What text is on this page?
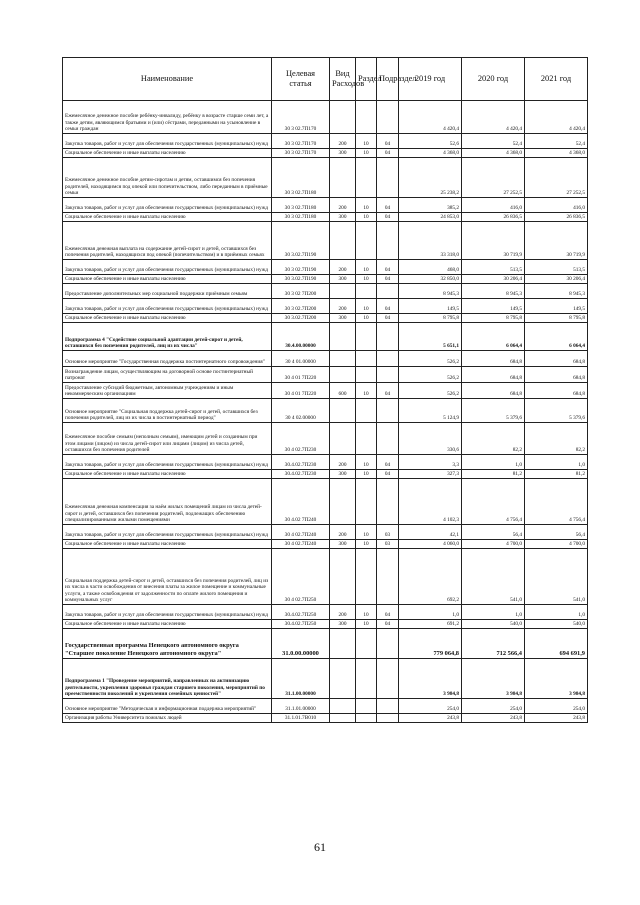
Наименование	Целевая статья	Вид Расходов	Раздел	Подраздел	2019 год	2020 год	2021 год
Ежемесячное денежное пособие ребёнку-инвалиду, ребёнку в возрасте старше семи лет, а также детям, являющимся братьями и (или) сёстрами, переданными на усыновление в семьи граждан	30 3 02.7П170				4 420,4	4 420,4	4 420,4
Закупка товаров, работ и услуг для обеспечения государственных (муниципальных) нужд	30 3 02.7П170	200	10	04	52,6	52,4	52,4
Социальное обеспечение и иные выплаты населению	30 3 02.7П170	300	10	04	4 368,0	4 368,0	4 368,0
Ежемесячное денежное пособие детям-сиротам и детям, оставшимся без попечения родителей, находящимся под опекой или попечительством, либо переданным в приёмные семьи	30 3 02.7П180				25 238,2	27 252,5	27 252,5
Закупка товаров, работ и услуг для обеспечения государственных (муниципальных) нужд	30 3 02.7П180	200	10	04	385,2	416,0	416,0
Социальное обеспечение и иные выплаты населению	30 3 02.7П180	300	10	04	24 853,0	26 836,5	26 836,5
Ежемесячная денежная выплата на содержание детей-сирот и детей, оставшихся без попечения родителей, находящихся под опекой (попечительством) и в приёмных семьях	30 3.02.7П190				33 318,0	30 719,9	30 719,9
Закупка товаров, работ и услуг для обеспечения государственных (муниципальных) нужд	30 3 02.7П190	200	10	04	468,0	513,5	513,5
Социальное обеспечение и иные выплаты населению	30 3.02.7П190	300	10	04	32 850,0	30 206,4	30 206,4
Предоставление дополнительных мер социальной поддержки приёмным семьям	30 3 02 7П200				8 945,3	8 945,3	8 945,3
Закупка товаров, работ и услуг для обеспечения государственных (муниципальных) нужд	30 3 02.7П200	200	10	04	149,5	149,5	149,5
Социальное обеспечение и иные выплаты населению	30 3.02.7П200	300	10	04	8 795,8	8 795,8	8 795,8
Подпрограмма 4 "Содействие социальной адаптации детей-сирот и детей, оставшихся без попечения родителей, лиц из их числа"	30.4.00.00000				5 651,1	6 064,4	6 064,4
Основное мероприятие "Государственная поддержка постинтернатного сопровождения"	30 4 01.00000				526,2	684,8	684,8
Вознаграждение лицам, осуществляющим на договорной основе постинтернатный патронат	30 4 01 7П220				526,2	684,8	684,8
Предоставление субсидий бюджетным, автономным учреждениям и иным некоммерческим организациям	30 4 01 7П220	600	10	04	526,2	684,8	684,8
Основное мероприятие "Социальная поддержка детей-сирот и детей, оставшихся без попечения родителей, лиц из их числа в постинтернатный период"	30 4 02.00000				5 124,9	5 379,6	5 379,6
Ежемесячное пособие семьям (неполным семьям), имеющим детей и созданным при этом лицами (лицом) из числа детей-сирот или лицами (лицом) из числа детей, оставшихся без попечения родителей	30 4 02.7П230				330,6	82,2	82,2
Закупка товаров, работ и услуг для обеспечения государственных (муниципальных) нужд	30.4.02.7П230	200	10	04	3,3	1,0	1,0
Социальное обеспечение и иные выплаты населению	30.4.02.7П230	300	10	04	327,3	81,2	81,2
Ежемесячная денежная компенсация за наём жилых помещений лицам из числа детей-сирот и детей, оставшихся без попечения родителей, подлежащих обеспечению специализированными жилыми помещениями	30 4.02 7П240				4 102,3	4 756,4	4 756,4
Закупка товаров, работ и услуг для обеспечения государственных (муниципальных) нужд	30 4 02.7П240	200	10	03	42,1	56,4	56,4
Социальное обеспечение и иные выплаты населению	30 4 02.7П240	300	10	03	4 060,0	4 700,0	4 700,0
Социальная поддержка детей-сирот и детей, оставшихся без попечения родителей, лиц из их числа в части освобождения от внесения платы за жилое помещение и коммунальные услуги, а также освобождения от задолженности по оплате жилого помещения и коммунальных услуг	30 4 02.7П250				692,2	541,0	541,0
Закупка товаров, работ и услуг для обеспечения государственных (муниципальных) нужд	30.4.02.7П250	200	10	04	1,0	1,0	1,0
Социальное обеспечение и иные выплаты населению	30.4.02.7П250	300	10	04	691,2	540,0	540,0
Государственная программа Ненецкого автономного округа "Старшее поколение Ненецкого автономного округа"	31.0.00.00000				779 064,8	712 566,4	694 691,9
Подпрограмма 1 "Проведение мероприятий, направленных на активизацию деятельности, укрепления здоровья граждан старшего поколения, мероприятий по преемственности поколений и укрепления семейных ценностей"	31.1.00.00000				3 984,8	3 984,8	3 984,8
Основное мероприятие "Методическая и информационная поддержка мероприятий"	31.1.01.00000				254,0	254,0	254,0
Организация работы Университета пожилых людей	31.1.01.7В010				243,8	243,8	243,8
61
